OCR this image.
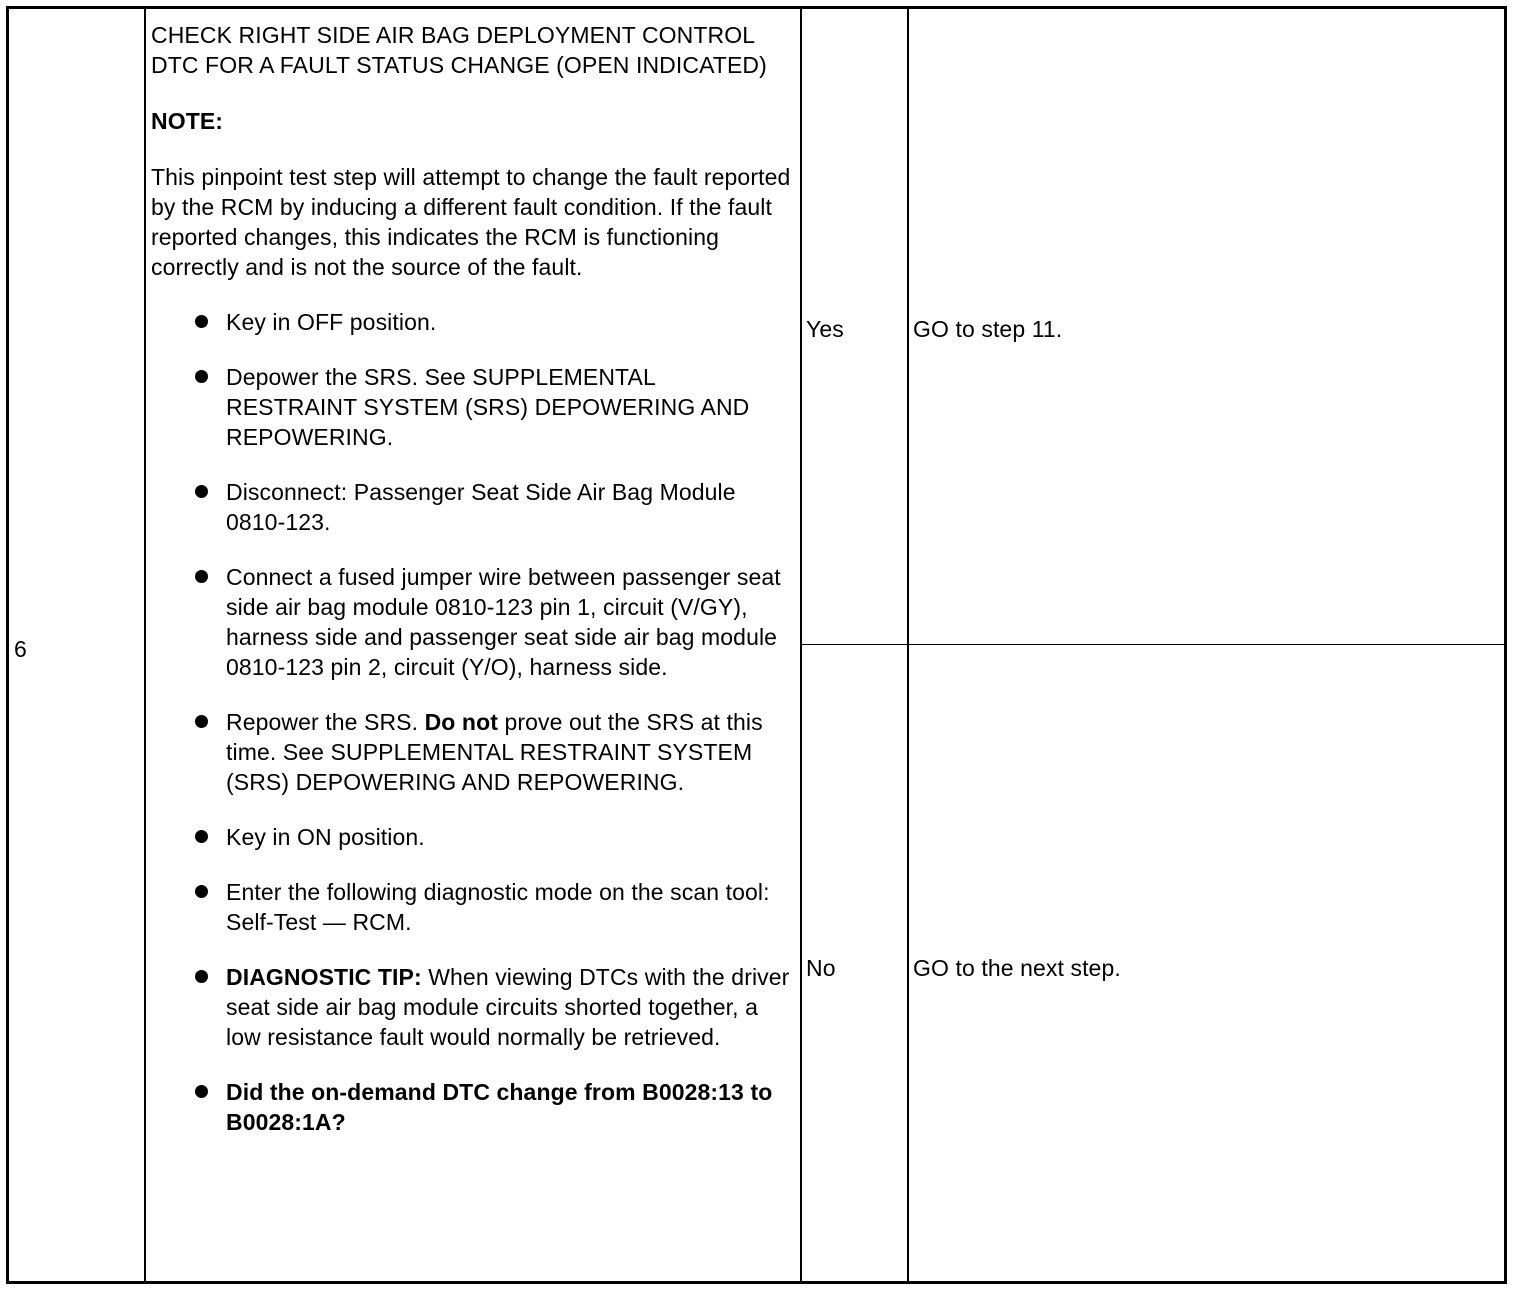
6

CHECK RIGHT SIDE AIR BAG DEPLOYMENT CONTROL DTC FOR A FAULT STATUS CHANGE (OPEN INDICATED)

NOTE:

This pinpoint test step will attempt to change the fault reported by the RCM by inducing a different fault condition. If the fault reported changes, this indicates the RCM is functioning correctly and is not the source of the fault.

Key in OFF position.
Depower the SRS. See SUPPLEMENTAL RESTRAINT SYSTEM (SRS) DEPOWERING AND REPOWERING.
Disconnect: Passenger Seat Side Air Bag Module 0810-123.
Connect a fused jumper wire between passenger seat side air bag module 0810-123 pin 1, circuit (V/GY), harness side and passenger seat side air bag module 0810-123 pin 2, circuit (Y/O), harness side.
Repower the SRS. Do not prove out the SRS at this time. See SUPPLEMENTAL RESTRAINT SYSTEM (SRS) DEPOWERING AND REPOWERING.
Key in ON position.
Enter the following diagnostic mode on the scan tool: Self-Test — RCM.
DIAGNOSTIC TIP: When viewing DTCs with the driver seat side air bag module circuits shorted together, a low resistance fault would normally be retrieved.
Did the on-demand DTC change from B0028:13 to B0028:1A?
Yes	GO to step 11.
No	GO to the next step.
